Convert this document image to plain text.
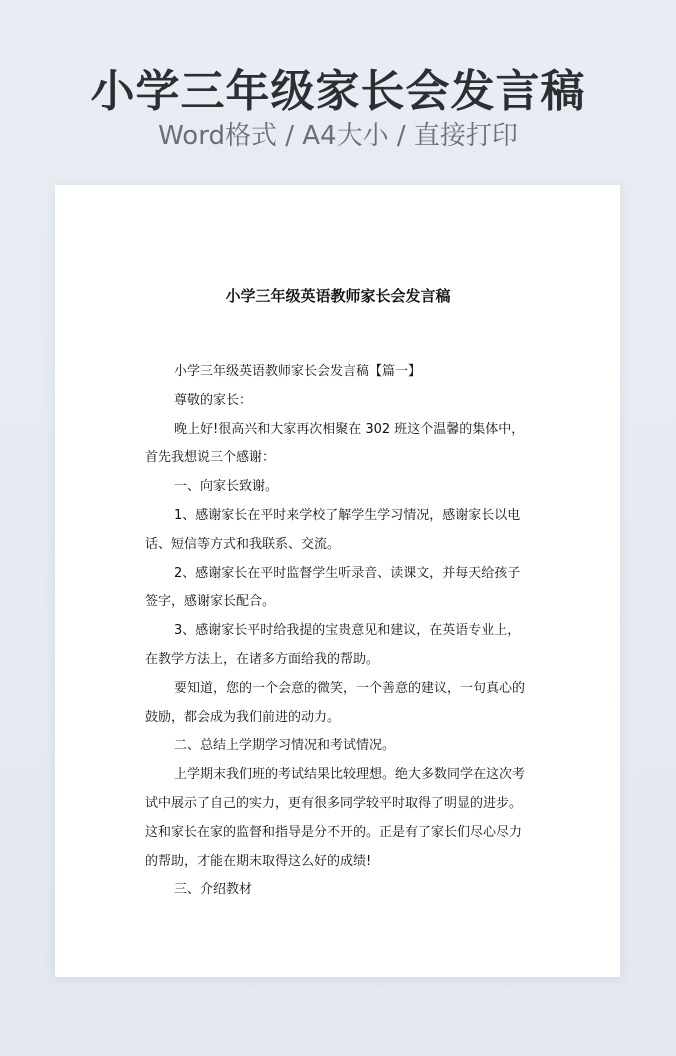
小学三年级家长会发言稿
Word格式 / A4大小 / 直接打印
小学三年级英语教师家长会发言稿

小学三年级英语教师家长会发言稿【篇一】

尊敬的家长：

晚上好!很高兴和大家再次相聚在 302 班这个温馨的集体中，首先我想说三个感谢：

一、向家长致谢。

1、感谢家长在平时来学校了解学生学习情况，感谢家长以电话、短信等方式和我联系、交流。

2、感谢家长在平时监督学生听录音、读课文，并每天给孩子签字，感谢家长配合。

3、感谢家长平时给我提的宝贵意见和建议，在英语专业上，在教学方法上，在诸多方面给我的帮助。

要知道，您的一个会意的微笑，一个善意的建议，一句真心的鼓励，都会成为我们前进的动力。

二、总结上学期学习情况和考试情况。

上学期末我们班的考试结果比较理想。绝大多数同学在这次考试中展示了自己的实力，更有很多同学较平时取得了明显的进步。这和家长在家的监督和指导是分不开的。正是有了家长们尽心尽力的帮助，才能在期末取得这么好的成绩!

三、介绍教材
